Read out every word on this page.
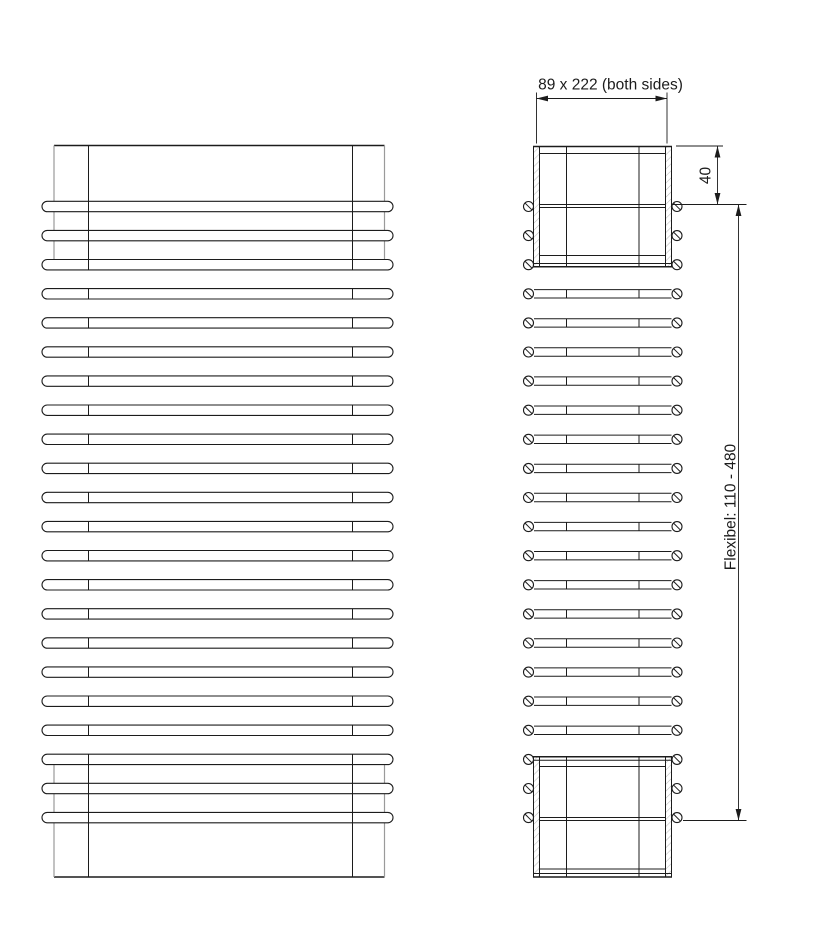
89 x 222 (both sides)
40
Flexibel: 110 - 480
